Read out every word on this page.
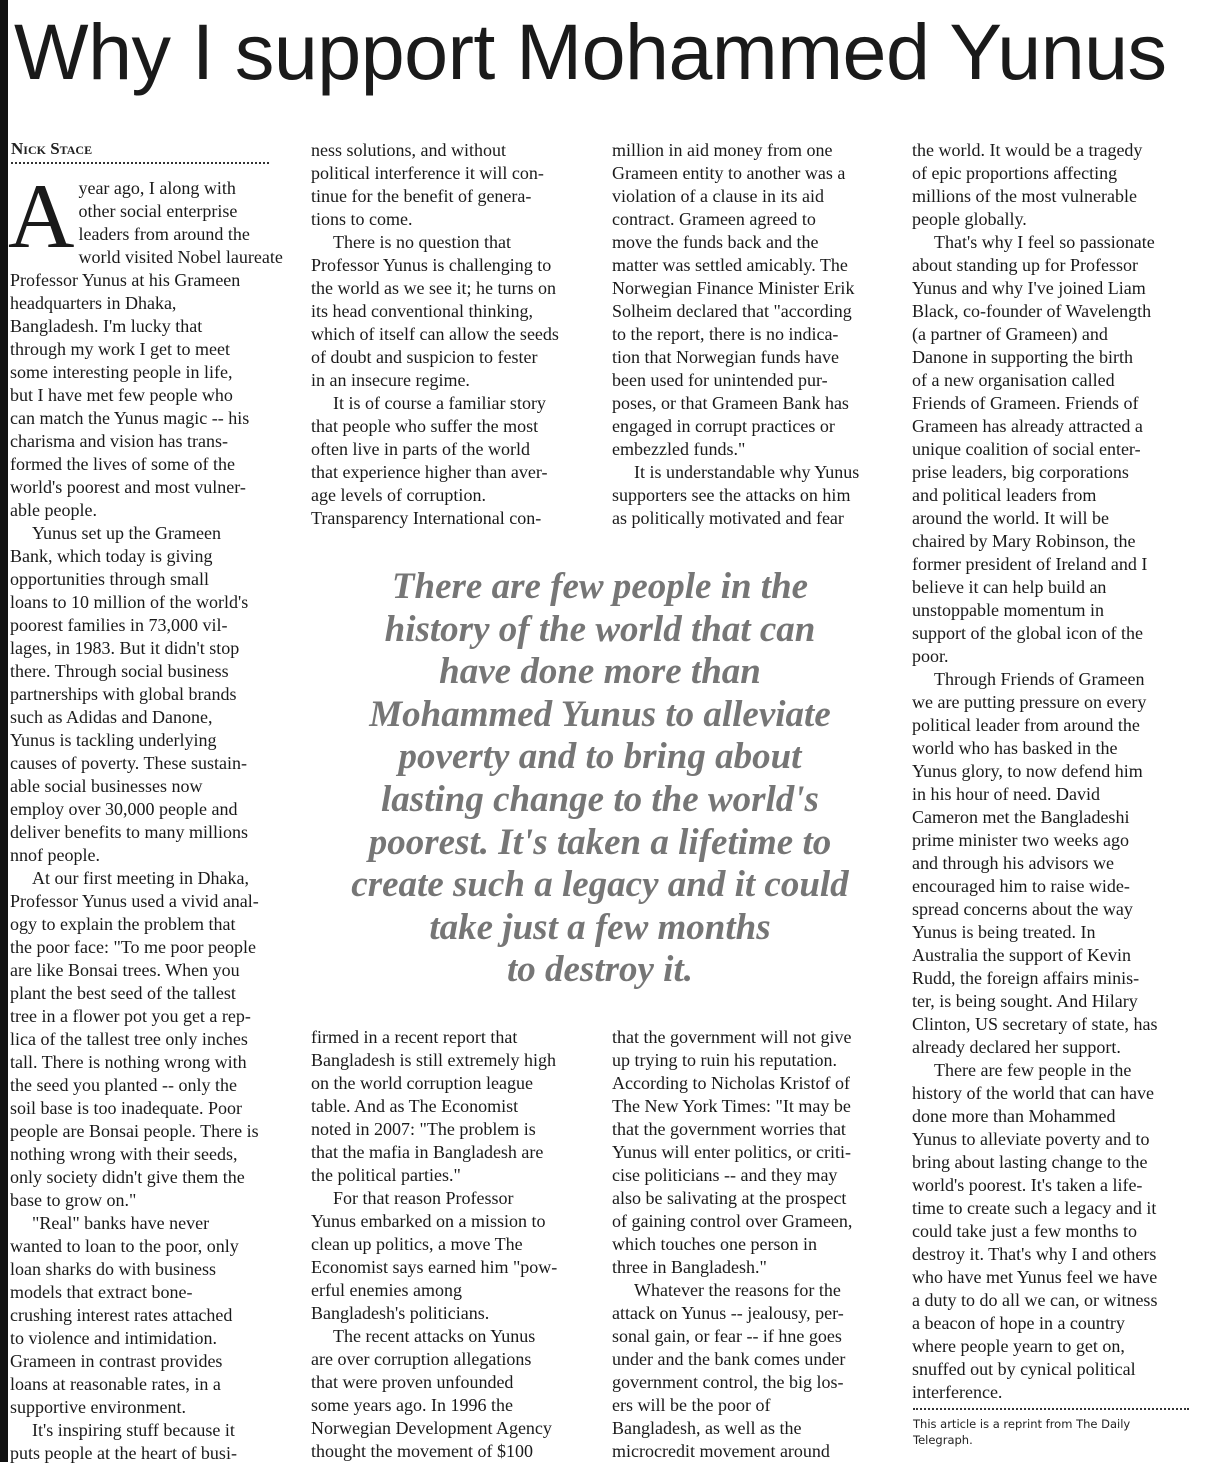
Why I support Mohammed Yunus
Nick Stace
A year ago, I along with
other social enterprise
leaders from around the
world visited Nobel laureate
Professor Yunus at his Grameen
headquarters in Dhaka,
Bangladesh. I'm lucky that
through my work I get to meet
some interesting people in life,
but I have met few people who
can match the Yunus magic -- his
charisma and vision has trans-
formed the lives of some of the
world's poorest and most vulner-
able people.

Yunus set up the Grameen
Bank, which today is giving
opportunities through small
loans to 10 million of the world's
poorest families in 73,000 vil-
lages, in 1983. But it didn't stop
there. Through social business
partnerships with global brands
such as Adidas and Danone,
Yunus is tackling underlying
causes of poverty. These sustain-
able social businesses now
employ over 30,000 people and
deliver benefits to many millions
nnof people.

At our first meeting in Dhaka,
Professor Yunus used a vivid anal-
ogy to explain the problem that
the poor face: "To me poor people
are like Bonsai trees. When you
plant the best seed of the tallest
tree in a flower pot you get a rep-
lica of the tallest tree only inches
tall. There is nothing wrong with
the seed you planted -- only the
soil base is too inadequate. Poor
people are Bonsai people. There is
nothing wrong with their seeds,
only society didn't give them the
base to grow on."

"Real" banks have never
wanted to loan to the poor, only
loan sharks do with business
models that extract bone-
crushing interest rates attached
to violence and intimidation.
Grameen in contrast provides
loans at reasonable rates, in a
supportive environment.

It's inspiring stuff because it
puts people at the heart of busi-

ness solutions, and without
political interference it will con-
tinue for the benefit of genera-
tions to come.

There is no question that
Professor Yunus is challenging to
the world as we see it; he turns on
its head conventional thinking,
which of itself can allow the seeds
of doubt and suspicion to fester
in an insecure regime.

It is of course a familiar story
that people who suffer the most
often live in parts of the world
that experience higher than aver-
age levels of corruption.
Transparency International con-

million in aid money from one
Grameen entity to another was a
violation of a clause in its aid
contract. Grameen agreed to
move the funds back and the
matter was settled amicably. The
Norwegian Finance Minister Erik
Solheim declared that "according
to the report, there is no indica-
tion that Norwegian funds have
been used for unintended pur-
poses, or that Grameen Bank has
engaged in corrupt practices or
embezzled funds."

It is understandable why Yunus
supporters see the attacks on him
as politically motivated and fear

firmed in a recent report that
Bangladesh is still extremely high
on the world corruption league
table. And as The Economist
noted in 2007: "The problem is
that the mafia in Bangladesh are
the political parties."

For that reason Professor
Yunus embarked on a mission to
clean up politics, a move The
Economist says earned him "pow-
erful enemies among
Bangladesh's politicians.

The recent attacks on Yunus
are over corruption allegations
that were proven unfounded
some years ago. In 1996 the
Norwegian Development Agency
thought the movement of $100

that the government will not give
up trying to ruin his reputation.
According to Nicholas Kristof of
The New York Times: "It may be
that the government worries that
Yunus will enter politics, or criti-
cise politicians -- and they may
also be salivating at the prospect
of gaining control over Grameen,
which touches one person in
three in Bangladesh."

Whatever the reasons for the
attack on Yunus -- jealousy, per-
sonal gain, or fear -- if hne goes
under and the bank comes under
government control, the big los-
ers will be the poor of
Bangladesh, as well as the
microcredit movement around

the world. It would be a tragedy
of epic proportions affecting
millions of the most vulnerable
people globally.

That's why I feel so passionate
about standing up for Professor
Yunus and why I've joined Liam
Black, co-founder of Wavelength
(a partner of Grameen) and
Danone in supporting the birth
of a new organisation called
Friends of Grameen. Friends of
Grameen has already attracted a
unique coalition of social enter-
prise leaders, big corporations
and political leaders from
around the world. It will be
chaired by Mary Robinson, the
former president of Ireland and I
believe it can help build an
unstoppable momentum in
support of the global icon of the
poor.

Through Friends of Grameen
we are putting pressure on every
political leader from around the
world who has basked in the
Yunus glory, to now defend him
in his hour of need. David
Cameron met the Bangladeshi
prime minister two weeks ago
and through his advisors we
encouraged him to raise wide-
spread concerns about the way
Yunus is being treated. In
Australia the support of Kevin
Rudd, the foreign affairs minis-
ter, is being sought. And Hilary
Clinton, US secretary of state, has
already declared her support.

There are few people in the
history of the world that can have
done more than Mohammed
Yunus to alleviate poverty and to
bring about lasting change to the
world's poorest. It's taken a life-
time to create such a legacy and it
could take just a few months to
destroy it. That's why I and others
who have met Yunus feel we have
a duty to do all we can, or witness
a beacon of hope in a country
where people yearn to get on,
snuffed out by cynical political
interference.

There are few people in the
history of the world that can
have done more than
Mohammed Yunus to alleviate
poverty and to bring about
lasting change to the world's
poorest. It's taken a lifetime to
create such a legacy and it could
take just a few months
to destroy it.
This article is a reprint from The Daily
Telegraph.
